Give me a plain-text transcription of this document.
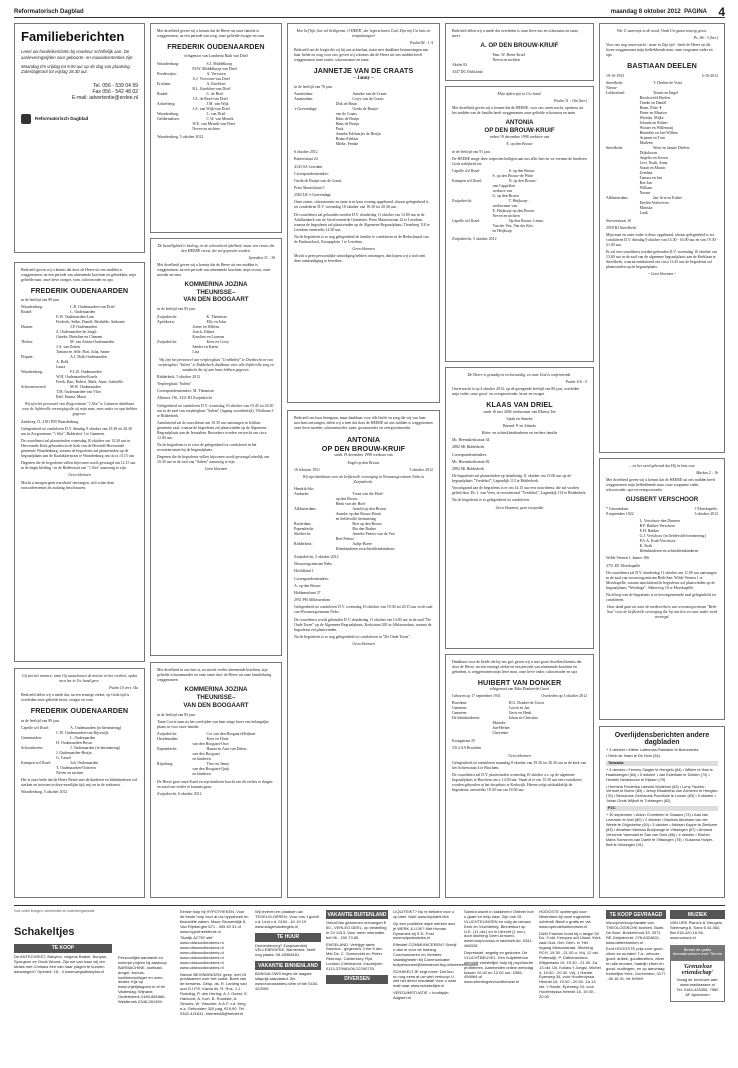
Reformatorisch Dagblad	maandag 8 oktober 2012 PAGINA 4
Familieberichten

Leest uw familieberichten bij voorkeur schriftelijk aan. De aanleveringstijden voor geboorte- en rouwadvertenties zijn:

Maandag t/m vrijdag tot 9.00 uur op de dag van plaatsing. Zaterdagkrant tot vrijdag 18.30 uur.

Tel. 056 - 539 04 99

Fax 056 - 542 48 02

E-mail: advertentie@erdee.nl

Reformatorisch Dagblad

Bedroefd geven wij u kennis dat door de Heere uit ons midden is weggenomen, na een periode van afnemende krachten en gebrekken, mijn geliefde man, onze lieve zwager, oom, schoonvader en opa

FREDERIK OUDENAARDEN

in de leeftijd van 89 jaar.

Waardenburg:	L.R. Oudenaarden-van Driel
Brakel:	L. Oudenaarden
E.W. Oudenaarden-Lam
Frederik, Sefke, Daniël, Berthilde, Anthonie
Huizen:	J.P. Oudenaarden
Z. Oudenaarden-de Jongh
Gineke, Barteline en Clement
Tholen:	M. van Zetten-Oudenaarden
J.A. van Zetten
Tamara en Jelle, Bart, Julia, Sanne
Elspeet:	A.J. Bolk-Oudenaarden
A. Bolk
Laura
Waardenburg:	F.L.B. Oudenaarden
W.H. Oudenaarden-Karels
Freek, Bart, Robert, Mark, Anne, Gabriëlle
Schoonrewoerd:	M.W. Oudenaarden
T.M. Oudenaarden-van Vliet
Ralf, Emma, Maria

Wij zijn het personeel van Zorgcentrum "'t Slot" te Gameren dankbaar voor de liefdevolle verzorging die zij mijn man, onze vader en opa hebben gegeven.

Zandweg 31, 4181 PM Waardenburg

Gelegenheid tot condoleren D.V. dinsdag 9 oktober van 19.30 tot 20.30 uur in Zorgcentrum "'t Slot", Ridderhof 1 te Gameren.

De rouwdienst zal plaatsvinden woensdag 10 oktober om 13.30 uur in Hervormde Kerk gehouden in de kerk van de Hersteld Hervormde gemeente Waardenburg, waarna de begrafenis zal plaatsvinden op de begraafplaats aan de Kaalakkerstraat te Waardenburg om circa 15.15 uur.

Degenen die de begrafenis willen bijwonen wordt gevraagd om 12.15 uur in de begin kleding - in de Ridderzaal van "'t Slot" aanwezig te zijn.

Geen bloemen

Mocht u morgen geen rouwbrief ontvangen, wilt u dan deze rouwadvertentie als zodanig beschouwen.

Gij ziet het immers; want Gij aanschouwt de moeite en het verdriet, opdat men het in Uw hand geve.

Psalm 10 vers 14a

Bedroefd delen wij u mede dat, na een ernstige ziekte, op Gods tijd is overleden onze geliefde broer, zwager en oom

FREDERIK OUDENAARDEN

in de leeftijd van 89 jaar.

Capelle a/d IJssel:	A. Oudenaarden (in herinnering)
C.W. Oudenaarden-van Rijsewijk
Genemuiden:	L. Oudenaarden
H. Oudenaarden-Bestu
Schoonhoven:	J. Oudenaarden (in herinnering)
J. Oudenaarden-Bruijn
G. Cassel
Krimpen a/d IJssel:	Joh. Oudenaarden
T. Oudenaarden-Ooiteren
Neven en nichten

Het is onze bede dat de Heere Bertie met de kinderen en kleinkinderen wil sterken en troosten in deze moeilijke tijd, mij en in de toekomst.

Waardenburg, 5 oktober 2012

Met droefheid geven wij u kennis dat de Heere uit onze familie is weggenomen, na een periode van zorg, onze geliefde zwager en oom

FREDERIK OUDENAARDEN

echtgenoot van Lamberta Ruth van Driel

Waardenburg:	S.J. Middelkoop
M.W. Middelkoop-van Driel
Poederoijen:	A. Vervoorn
A.J. Vervoorn-van Driel
Ericham:	A. Knebloet
R.L. Knebloet-van Driel
Brakel:	C. de Boef
J.A. de Boef-van Driel
Achterberg:	J.M. van Wijk
J.A. van Wijk-van Driel
Waardenburg:	L. van Driel
Geldermalsen:	C.W. van Meurik
W.E. van Meurik-van Driel
Neven en nichten

Waardenburg, 5 oktober 2012

De bevalligheid is bedrog, en de schoonheid ijdelheid; maar een vrouw die den HEERE vreest, die zal geprezen worden.

Spreuken 31 : 30

Met droefheid geven wij u kennis dat de Heere uit ons midden is weggenomen, na een periode van afnemende krachten, mijn vrouw, onze moeder en oma

KOMMERINA JOZINA
THEUNISSE–
VAN DEN BOOGAART

in de leeftijd van 83 jaar.

Zwijndrecht:	K. Theunisse
Apeldoorn:	Elly en John
Jorine en Willem,
Jorick, Jildara
Karoline en Laurens
Zwijndrecht:	Kees en Corry
Sander en Karen
Lisa

Wij zijn het personeel van verpleeghuis "Crabbehof" te Dordrecht en van verpleeghuis "Salem" te Ridderkerk dankbaar voor alle liefdevolle zorg en aandacht die zij aan haar hebben gegeven.

Ridderkerk, 5 oktober 2012

Verpleeghuis "Salem"

Correspondentieadres: M. Theunisse

Albatros 136, 3331 BJ Zwijndrecht

Gelegenheid tot condoleren D.V. woensdag 10 oktober van 19.45 tot 20.30 uur in de zaal van verpleeghuis "Salem" (ingang woonbedrijf), Vliethaan 3 te Ridderkerk.

Aansluitend zal de rouwdienst om 10.30 uur aanvangen in Ichthus-gemeente zaal, waarna de begrafenis zal plaatsvinden op de Algemene Begraafplaats aan de Jerusalem. Bezoekers worden verwacht om circa 12.00 uur.

Na de begrafenis is er voor de gelegenheid tot condoleren in het recreatieruimte bij de begraafplaats.

Degenen die de begrafenis willen bijwonen wordt gevraagd uiterlijk om 10.30 uur in de zaal van "Salem" aanwezig te zijn.

Geen bloemen

Met droefheid in ons hart is, na stoeds verder afnemende krachten, zijn geliefde schoonmoeder en onze tante door de Heere uit onze familiekring weggenomen

KOMMERINA JOZINA
THEUNISSE–
VAN DEN BOOGAART

in de leeftijd van 83 jaar.

Tante Corrie nam na het overlijden van haar enige broer een belangrijke plaats in voor onze familie.

Zwijndrecht:	Cor van den Boogaart-Heijboer
IJsselmuiden:	Kees en Dinie
van den Boogaart-Osse
Papendrecht:	Hanna en Aart van Dalen–
van den Boogaart
en kinderen
Rijsoburg:	Theo en Jenny
van den Boogaart-Quijt
en kinderen

De Heere gave onze Karel en zijn kinderen kracht om dit verlies te dragen en nood om verder te kunnen gaan.

Zwijndrecht, 6 oktober 2012

Hoe lief'lijk, hoe vol heiligemst, O HEER', der legerscharen God, Zijn mij Uw huis en tempelzangen!

Psalm 84 : 1 A

Bedroefd om de leegte die zij bij ons achterlaat, maar met dankbare herinneringen aan haar liefde en zorg voor ons, geven wij u kennis dat de Heere uit ons midden heeft weggenomen onze zuster, schoonzuster en tante

JANNETJE VAN DE CRAATS
~ Janny ~

in de leeftijd van 76 jaar.

Amsterdam:	Anneke van de Craats
Amsterdam:	Corry van de Craats
Dirk de Bruin
's-Gravendage:	Gerda de Bruijn-
van de Craats
Hans de Bruijn
Hans de Bruijn
Puck
Anneke Edelaarjes de Bruijn
Bruno Edelaar
Mieke, Femke

6 oktober 2012

Buteerstraat 24

4143 SA Leerdam

Correspondentieadres:

Gerda de Bruijn-van de Craats

Prins Mauritslaan 5

2582 LR 's-Gravendage

Onze zuster, schoonzuster en tante is in haar woning opgebaard, alwaar gelegenheid is tot condoleren D.V. woensdag 10 oktober van 18.30 tot 20.30 uur.

De rouwdienst zal gehouden worden D.V. donderdag 11 oktober om 13.00 uur in de Adullamkerk van de Gereformeerde Gemeente, Prins Mauritsstraat 22 te Leerdam, waarna de begrafenis zal plaatsvinden op de Algemene Begraafplaats, Tiendweg 118 te Leerdam omstreeks 14.30 uur.

Na de begrafenis is er nog gelegenheid de familie te condoleren in de Reduchtzaal van de Paulusschool, Europaplein 1 te Leerdam.

Geen bloemen

Mocht u geen persoonlijke uitnodiging hebben ontvangen, dan hopen wij u toch met deze aankondiging te bereiken.

Bedroefd om haar heengaan, maar dankbaar voor alle liefde en zorg die wij van haar mochten ontvangen, delen wij u mee dat door de HEERE uit ons midden is weggenomen onze lieve moeder, schoonmoeder, tante, grootmoeder en overgrootmoeder

ANTONIA
OP DEN BROUW-KRUIF

sinds 19 december 1998 weduwe van

Engel op den Brouw

16 februari 1921	5 oktober 2012

Wij zijn dankbaar voor de liefdevolle verzorging in Woonzorgcentrum Nebo in Zwijndrecht.

Hendrik-Ido-
Ambacht:	Truus van der Hoef-
op den Brouw
Henk van der Hoef
Alblasserdam:	Arnold op den Brouw
Anneke op den Brouw-Braal,
en liefdevolle herinnering
Rotterdam:	Bert op den Brouw
Papendrecht:	Ria den Braber
Sliedrecht:	Anneke Pieters-van de Ven
Bert Pieters
Ridderkerk:	Aaltje Boere
Kleinkinderen en achterkleinkinderen

Zwijndrecht, 5 oktober 2012

Woonzorgcentrum Nebo

Hoofdland 1

Correspondentieadres:

A. op den Brouw

Hobbemalaan 37

2951 PH Alblasserdam

Gelegenheid tot condoleren D.V. woensdag 10 oktober van 19.30 tot 20.15 uur in de zaal van Woonzorgcentrum Nebo.

De rouwdienst wordt gehouden D.V. donderdag 11 oktober om 14.00 uur in de zaal "De Oude Toren" op de Algemene Begraafplaats, Kerkstraat 265 in Alblasserdam, waarna de begrafenis zal plaatsvinden.

Na de begrafenis is er nog gelegenheid tot condoleren in "De Oude Toren".

Geen bloemen

Bedroefd delen wij u mede dat overleden is onze lieve zus en schoonzus en tante, mevr.

A. OP DEN BROUW-KRUIF
Fam. W. Brem-Kruif
Neven en nichten

Akelei 63

3347 DC Dirksland

Mijn tijden zijn in Uw hand.

Psalm 31 : 16a (ber.)

Met droefheid geven wij u kennis dat de HEERE, voor ons onverwacht, opnieuw uit het midden van de familie heeft weggenomen onze geliefde schoonzus en tante

ANTONIA
OP DEN BROUW-KRUIF

sedert 19 december 1998 weduwe van

E. op den Brouw

in de leeftijd van 91 jaar.

De HEERE moge deze respecten heiligen aan ons aller hart en we vernem de kinderen Gods nabijheid toe.

Capelle a/d IJssel:	S. op den Brouw
S. op den Brouw-de Witte
Krimpen a/d IJssel:	N. op den Brouw-
van Cappellen
weduwe van
G. op den Brouw
Zwijndrecht:	T. Heijkoop-
weduwnaar van
E. Heijkoop-op den Brouw
Neven en nichten
Capelle a/d IJssel:	Op den Brouw, Leune,
Van der Ven, Van der Kist
en Heijkoop

Zwijndrecht, 5 oktober 2012

De Heere is genadig en rechtvaardig, en onze God is ontfermende.

Psalm 116 : 5

Onverwacht is op 4 oktober 2012, op de gezegende leeftijd van 80 jaar, overleden mijn vader, onze groot- en overgrootvader, broer en zwager

KLAAS VAN DRIEL

sinds 16 mei 2006 weduwnaar van Elberta Tee

Sjaak en Anneke

Barend ✝ en Jolanda

Klein- en achterkleinkinderen en verdere familie

Mr. Heemskerkstraat 34

2882 SK Ridderkerk

Correspondentieadres:

Mr. Heemskerkstraat 82

2882 SK Ridderkerk

De begrafenis zal plaatsvinden op donderdag 11 oktober om 13.00 uur op de begraafplaats "Vredehof", Lagendijk 113 te Ridderkerk.

Voorafgaand aan de begrafenis is er om 14.15 uur een rouwdienst, die zal worden geleid door Ds. J. van Veen, in recreatiezaal "Vredehof", Lagendijk 114 te Ridderkerk.

Na de begrafenis is er gelegenheid tot condoleren.

Geen bloemen, geen toesprake

Dankbaar voor de liefde die hij ons gaf, geven wij u met grote droefheid kennis dat door de Heere, na een ernstige ziekte en een periode van afnemende krachten en gebreken, is weggenomen mijn lieve man, onze lieve vader, schoonvader en opa

HUIBERT VAN DONKER

echtgenoot van Rika Donker-de Groot

Geboren op 17 september 1931	Overleden op 3 oktober 2012
Bruchem:	H.G. Donker-de Groot
Gameren:	Corrie en Jan
Gameren:	Gerie en Henk
De kleinkinderen:	Johan en Christina
Marieke
Jan-Herber
Cheyenne

Krangstraat 25

5314 AA Bruchem

Geen bloemen

Gelegenheid tot condoleren maandag 8 oktober van 19.30 tot 20.30 uur in de kerk van het Achterstraat 4 te Bruchem.

De rouwdienst zal D.V. plaatsvinden woensdag 10 oktober a.s. op de algemene begraafplaats te Bruchem om ± 14.00 uur. Vanaf al er om 13.30 uur een rouwdienst worden gehouden in het dorpshuis te Kerkwijk. Hierna volgt uitdrukkelijk de begrafenis, omstreeks 18.30 uur om 18.30 uur.

Wie U aanroept in de nood, Vindt Uw gunst eeuwig groot.

Ps. 86 : 3 (ber.)

Voor ons nog onverwacht - maar in Zijn tijd - heeft de Heere uit dit leven weggenomen mijn liefhebbende man, onze zorgzame vader en opa

BASTIAAN DEELEN
19-10-1933	5-10-2012
Streefkerk:	T. Deelen-de Vries
Nieuw-
Lekkerland:	Teunis en Engel
Boschsveld-Deelen
Tineke en Daniël
Bram, Elise ✝
Pieter en Mautice
Wietske, Mijke
Jolanda en Robert
Wouter en Willemarij
Henriëtte en Jan-Willem
Arjanne en Tom
Marleen
Streefkerk:	Wout en Jannie Deelen-
Dijkshoorn
Angelia en Jeroen
Levi, Noah, Anna
Susan en Mauric
Zendina
Tamara en Jan
Bas-Jan
William
Naomi
Alblasserdam:	Jan-Arie en Esther
Deelen-Verhoeven
Mariska
Luuk

Streveestraat 10

2959 BJ Streefkerk

Mijn man en onze vader is thuis opgebaard, alwaar gelegenheid is tot condoleren D.V. dinsdag 9 oktober van 14.30 - 16.00 uur en van 19.30 - 21.00 uur.

Er zal een rouwdienst worden gehouden D.V. woensdag 10 oktober om 13.00 uur in de zaal van de algemene begraafplaats aan de Kerklaan te Streefkerk, waarna aansluitend om circa 13.45 uur de begrafenis zal plaatsvinden op de begraafplaats.

~ Geen bloemen ~

... en het werd gebeurd dat Hij in huis was.

Markus 2 : 1b

Met droefheid geven wij u kennis dat de HEERE uit ons midden heeft weggenomen mijn liefhebbende man, onze zorgzame vader, schoonvader, opa en overgrootvader

GIJSBERT VERSCHOOR
* Giessendam,
8 september 1922
† Moerkapelle,
5 oktober 2012
L. Verschoor-den Dunnen
B.P. Bakker-Verschoor
E.H. Bakker
G.J. Verschoor (in liefdevolle herinnering)
P.A.A. Krab-Verschoor
K. Krab
Kleinkinderen en achterkleinkinderen

Wilde Veenen 1, kamer 106

2751 EE Moerkapelle

De rouwdienst zal D.V. donderdag 11 oktober om 11.00 uur aanvangen in de zaal van woonzorgcentrum Beth-San, Wilde Veenen 1 te Moerkapelle, waarna aansluitend de begrafenis zal plaatsvinden op de begraafplaats "Westhage", Akkerweg 16 te Moerkapelle.

Na afloop van de begrafenis is in bovengenoemde zaal gelegenheid tot condoleren.

Onze dank gaat uit naar de medewerkers van woonzorgcentrum "Beth-San" voor de liefdevolle verzorging die hij van hen en onze vader werd verzorgd.

Overlijdensberichten andere dagbladen
+ 3 oktober • Mieke Lotterman-Ramaker te Boerzarreld
• Henk de Haan te De Horn (54)
Tubantia
+ 4 oktober • Femmy Slagter te Hengelo (64) • Willem te Haa te Haaksbergen (84) • 5 oktober • Jan Esterkate te Delden (73) • Hendrik Neuteboom te Rijssen (79)
• Hermina Frederika Lansink-Wolterink (83) • Leny Tischler-Verhoef te Borne (83) • Jenny Elisabetha van Zomeren te Hengelo (76) • Bernardus Gerhardus Poorthuis te Losser (83) • 5 oktober • Johan Onde Wijbolt te Tubbergen (82)
PZC
+ 30 september • Anton Crombeen te Graauw (73) • Aad van Leeuwen te Axel (80) • 2 oktober • Marinus Abraham van der Weele te Grijpskerke (60) • 3 oktober • Adriaan Koppe te Zierikzee (83) • Abraham Marinus Bruijnooge te Vlissingen (87) • Armand Verschoe Yanmaart te Sas van Gent (86) • 4 oktober • Rachel Maria Sumannn-van Daele te Vlissingen (75) • Susanna Hulper-Belt te Vlissingen (91)
Voor online lezingen, advertenties en toeleveringscircuits
Schakeltjes
TE KOOP
De ANTECHRIST. Babylon, volgens Brakel, Bunyan, Spurgeon en Gods Woord. Zijn we van haar vrij om straks met Christus een van haar plagen te kunnen aanvangen? Opened: 18 - 4 www.weguitbabylon.nl
Persoonlijke aandacht en scherpe prijzen bij aankoop BARMACHINE, koelkast, droger, fornuis, luchtbevochtiger en oven, dealer, Kijk op www.vrijetijdsgoed.nl of tel Vaderslag: Wijnand, Oudelerkerk 0180-881866, Westbroek 0346-281499.
Eerste hulp bij HYPOTHEKEN. Voor de beste hulp voor al uw hypotheek en financiële zaken. Maar: Bruwendijk 6, Van Rijnbergen 671 - 405 40 31 of www.hypotheekthuis.nl
"Boeijk ACTIE site"
www.oldwoodkeukens.nl
www.oldwoodkeukens.nl
www.oldwoodkeukens.nl
www.oldwoodkeukens.nl
www.oldwoodkeukens.nl
www.oldwoodkeukens.nl
Nieuw! BEVINDINGEN: gesp. met 15 predikanten over het oudst. Boek van de kerstmis. Gesp. ds. R. Lanting van oud G.I.P.E. Kanta ds. R. Ros, J.J. Rudding, P. den Hertog, A.J. Geest, E. Harkoort, A. Kort, B. Rundste, A. Simons, W. Visscher, A.A.F. v.d. Weg e.a. Gebonden 320 pag. €19,90. Tel. 0342-421631, heteren88@hetnet.nl
Wij leveren en plaatsen uw TEGELVLOEREN. Voor ons 't goed! v.d. Lind v.d. 0184 - 61 19 19 www.slagertandtegels.nl
TE HUUR
Dementiezorg? Zorgboerderij VELLEBROEKE, Barneveld, heeft nog plaats: 06-45368181
VAKANTIE BINNENLAND
BUNGALOWS tegen de laagste sitaprijs-standaard. Zie www.euroskantes.nl/tm of bel 0184-422000.
VAKANTIE BUITENLAND
GeiraGids gebonnen ontvangen € 50,- VERLEG DEEL, op bestelling in 2V 2013. Voor meer informatie bel 06 - 150 73 85.
ENGELAND. Verhijge tante Sanctus - gegevens 3 t/m 5 dec. Met Ds. C. Sonneveld en Pieter Rebroop. Canterbury, Rye, London-Chelmsford. Inschrijven 0113-379981/06-22290733.
DIVERSEN
LIQUITEIKT? Nu te betalen voor u op later. Mail: www.liquideit.nl/a
Op een positieve wijze werken aan je WERK & LIJK? Met Human Dynamics bij S.D. Post www.sdpostadvies.nl
Effectief COMMUNICEREN? Schrijf u dan in voor de training Communiceren en Versterk Vaardigheden bij Communicatie: buitpersoneel@leeswhoel.tbg.nl/meeleertouwen
SCHAKELTJE zegt meer! Dat hun nu nog eens al uw wiel verkoop! U ziet het direct resultaat! Voor u daar mail naar www.schakeltjes.nl
VERZUIMSTUATIE = hoofdpijn: Adgsert.nl
Samira wacht in kakkenen! Ontbrei hoe u gaarf en help haar. Zijn ook 15 VLUCHTELINGEN en volg de nieuws Kerk en Vluchteling. Binnenkort op U.K. (11 okt.) en in Utrecht (1 nov.) door stichting Geen Armoed. www.hoopvoorsa.nl nachbeh-lid, 0341-466328.
Depressief, angstig en gesloten. De VLUCHTBEUVEL. Een hulptelefoon speciale christelijke hulp bij psychische problemen. Aanmelden online werkdag tussen 10.00 en 12.00 uur: 0385-459964 of www.stichtingdevluchtheuvel.nl
HOOGSTE opbrengst voor Nederland bij onze ingezelde ochtend! Biedt u gratis en via www.opendekoekeninzel.nl
D&M Fashion komt bij u langs! Di/ Do. 9 okt. Krimpen a/d IJssel, Kerk zaal Oud. Ger. Gem. in 'Het Ingang Meeuwstraat, Stichting RCH, 19.30 - 21.00 u. Vrij. 12 okt. Putterwijk, P. Dathenschool, Wilgenlaan 19, 19.30 - 21.00. Za 13 okt. Uit. Kokaw 't Jongsl, Michel 4, 19.00 - 20.30. Vrij. 1 Hardie, Eperweg 34, voor Hooferdyssa Heenkt 16, 19.00 - 20.00. Za 13 okt. 't Harde, Eperweg 34, voor Hooferdyssa Heenkt 16, 19.00 - 20.00
TE KOOP GEVRAAGD
Inkoop/verkoop/taxatie van THEOLOGISCHE boeken. Boek. De Boer, Boekenhout 33, 3371 RE Zwijndrecht, 078-6324601, www.deteeboeken.nl
Echt HOOGSTE prijs voor goud, zilver en munten! T.a.: zetvoer, goed: antiek, goudbezitten, zilver en alle munten, haartijn zilver en goud, oudlingen, en op aanvraag Kerkelijke Kerk, Gorinchem, 0177 - 46 18 91, bit NVMH
MUZIEK
VAN URK Piano's & Vleugels, Steenweg 8, Sons 6 44.364, Bel 018-420.16 06, www.vanurk.nl
Bestel de gratis themabrochure over Tiende
'Grenzeloze vriendschap'
Vraag de brochure aan: www.madlaesere.nl
Tel. 0184-425355, 7580 AF Apeldoorn
